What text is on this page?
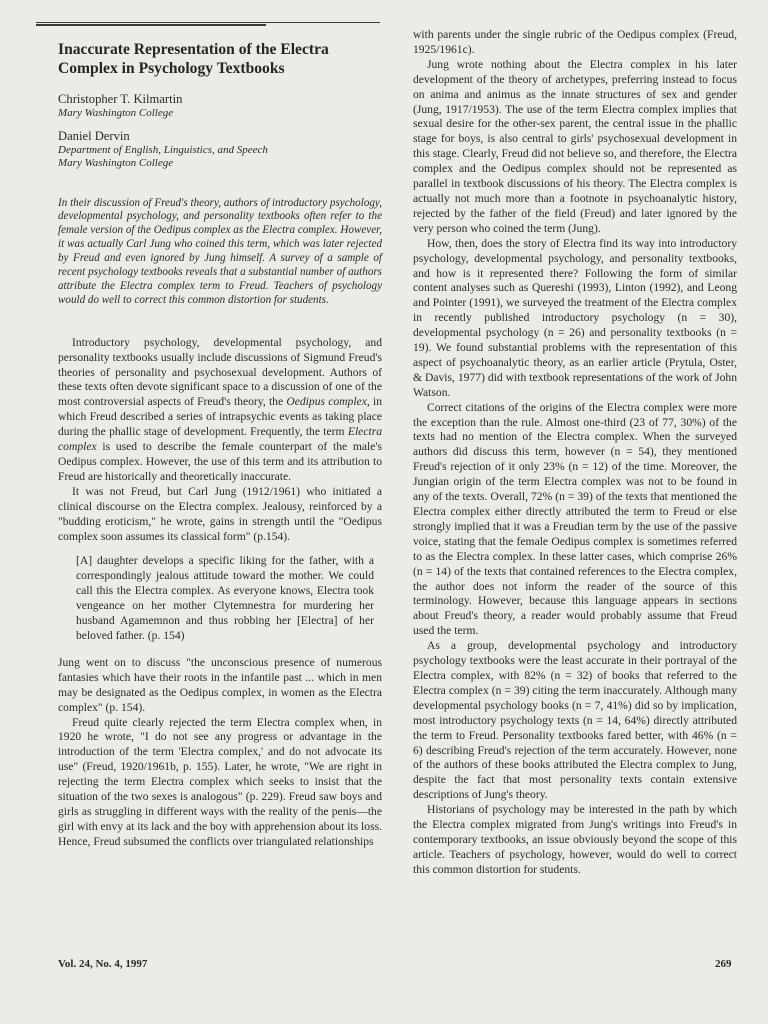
Inaccurate Representation of the Electra Complex in Psychology Textbooks
Christopher T. Kilmartin
Mary Washington College
Daniel Dervin
Department of English, Linguistics, and Speech
Mary Washington College
In their discussion of Freud's theory, authors of introductory psychology, developmental psychology, and personality textbooks often refer to the female version of the Oedipus complex as the Electra complex. However, it was actually Carl Jung who coined this term, which was later rejected by Freud and even ignored by Jung himself. A survey of a sample of recent psychology textbooks reveals that a substantial number of authors attribute the Electra complex term to Freud. Teachers of psychology would do well to correct this common distortion for students.

Introductory psychology, developmental psychology, and personality textbooks usually include discussions of Sigmund Freud's theories of personality and psychosexual development. Authors of these texts often devote significant space to a discussion of one of the most controversial aspects of Freud's theory, the Oedipus complex, in which Freud described a series of intrapsychic events as taking place during the phallic stage of development. Frequently, the term Electra complex is used to describe the female counterpart of the male's Oedipus complex. However, the use of this term and its attribution to Freud are historically and theoretically inaccurate.

It was not Freud, but Carl Jung (1912/1961) who initiated a clinical discourse on the Electra complex. Jealousy, reinforced by a "budding eroticism," he wrote, gains in strength until the "Oedipus complex soon assumes its classical form" (p.154).

[A] daughter develops a specific liking for the father, with a correspondingly jealous attitude toward the mother. We could call this the Electra complex. As everyone knows, Electra took vengeance on her mother Clytemnestra for murdering her husband Agamemnon and thus robbing her [Electra] of her beloved father. (p. 154)

Jung went on to discuss "the unconscious presence of numerous fantasies which have their roots in the infantile past ... which in men may be designated as the Oedipus complex, in women as the Electra complex" (p. 154).

Freud quite clearly rejected the term Electra complex when, in 1920 he wrote, "I do not see any progress or advantage in the introduction of the term 'Electra complex,' and do not advocate its use" (Freud, 1920/1961b, p. 155). Later, he wrote, "We are right in rejecting the term Electra complex which seeks to insist that the situation of the two sexes is analogous" (p. 229). Freud saw boys and girls as struggling in different ways with the reality of the penis—the girl with envy at its lack and the boy with apprehension about its loss. Hence, Freud subsumed the conflicts over triangulated relationships

with parents under the single rubric of the Oedipus complex (Freud, 1925/1961c).

Jung wrote nothing about the Electra complex in his later development of the theory of archetypes, preferring instead to focus on anima and animus as the innate structures of sex and gender (Jung, 1917/1953). The use of the term Electra complex implies that sexual desire for the other-sex parent, the central issue in the phallic stage for boys, is also central to girls' psychosexual development in this stage. Clearly, Freud did not believe so, and therefore, the Electra complex and the Oedipus complex should not be represented as parallel in textbook discussions of his theory. The Electra complex is actually not much more than a footnote in psychoanalytic history, rejected by the father of the field (Freud) and later ignored by the very person who coined the term (Jung).

How, then, does the story of Electra find its way into introductory psychology, developmental psychology, and personality textbooks, and how is it represented there? Following the form of similar content analyses such as Quereshi (1993), Linton (1992), and Leong and Pointer (1991), we surveyed the treatment of the Electra complex in recently published introductory psychology (n = 30), developmental psychology (n = 26) and personality textbooks (n = 19). We found substantial problems with the representation of this aspect of psychoanalytic theory, as an earlier article (Prytula, Oster, & Davis, 1977) did with textbook representations of the work of John Watson.

Correct citations of the origins of the Electra complex were more the exception than the rule. Almost one-third (23 of 77, 30%) of the texts had no mention of the Electra complex. When the surveyed authors did discuss this term, however (n = 54), they mentioned Freud's rejection of it only 23% (n = 12) of the time. Moreover, the Jungian origin of the term Electra complex was not to be found in any of the texts. Overall, 72% (n = 39) of the texts that mentioned the Electra complex either directly attributed the term to Freud or else strongly implied that it was a Freudian term by the use of the passive voice, stating that the female Oedipus complex is sometimes referred to as the Electra complex. In these latter cases, which comprise 26% (n = 14) of the texts that contained references to the Electra complex, the author does not inform the reader of the source of this terminology. However, because this language appears in sections about Freud's theory, a reader would probably assume that Freud used the term.

As a group, developmental psychology and introductory psychology textbooks were the least accurate in their portrayal of the Electra complex, with 82% (n = 32) of books that referred to the Electra complex (n = 39) citing the term inaccurately. Although many developmental psychology books (n = 7, 41%) did so by implication, most introductory psychology texts (n = 14, 64%) directly attributed the term to Freud. Personality textbooks fared better, with 46% (n = 6) describing Freud's rejection of the term accurately. However, none of the authors of these books attributed the Electra complex to Jung, despite the fact that most personality texts contain extensive descriptions of Jung's theory.

Historians of psychology may be interested in the path by which the Electra complex migrated from Jung's writings into Freud's in contemporary textbooks, an issue obviously beyond the scope of this article. Teachers of psychology, however, would do well to correct this common distortion for students.

Vol. 24, No. 4, 1997	269
